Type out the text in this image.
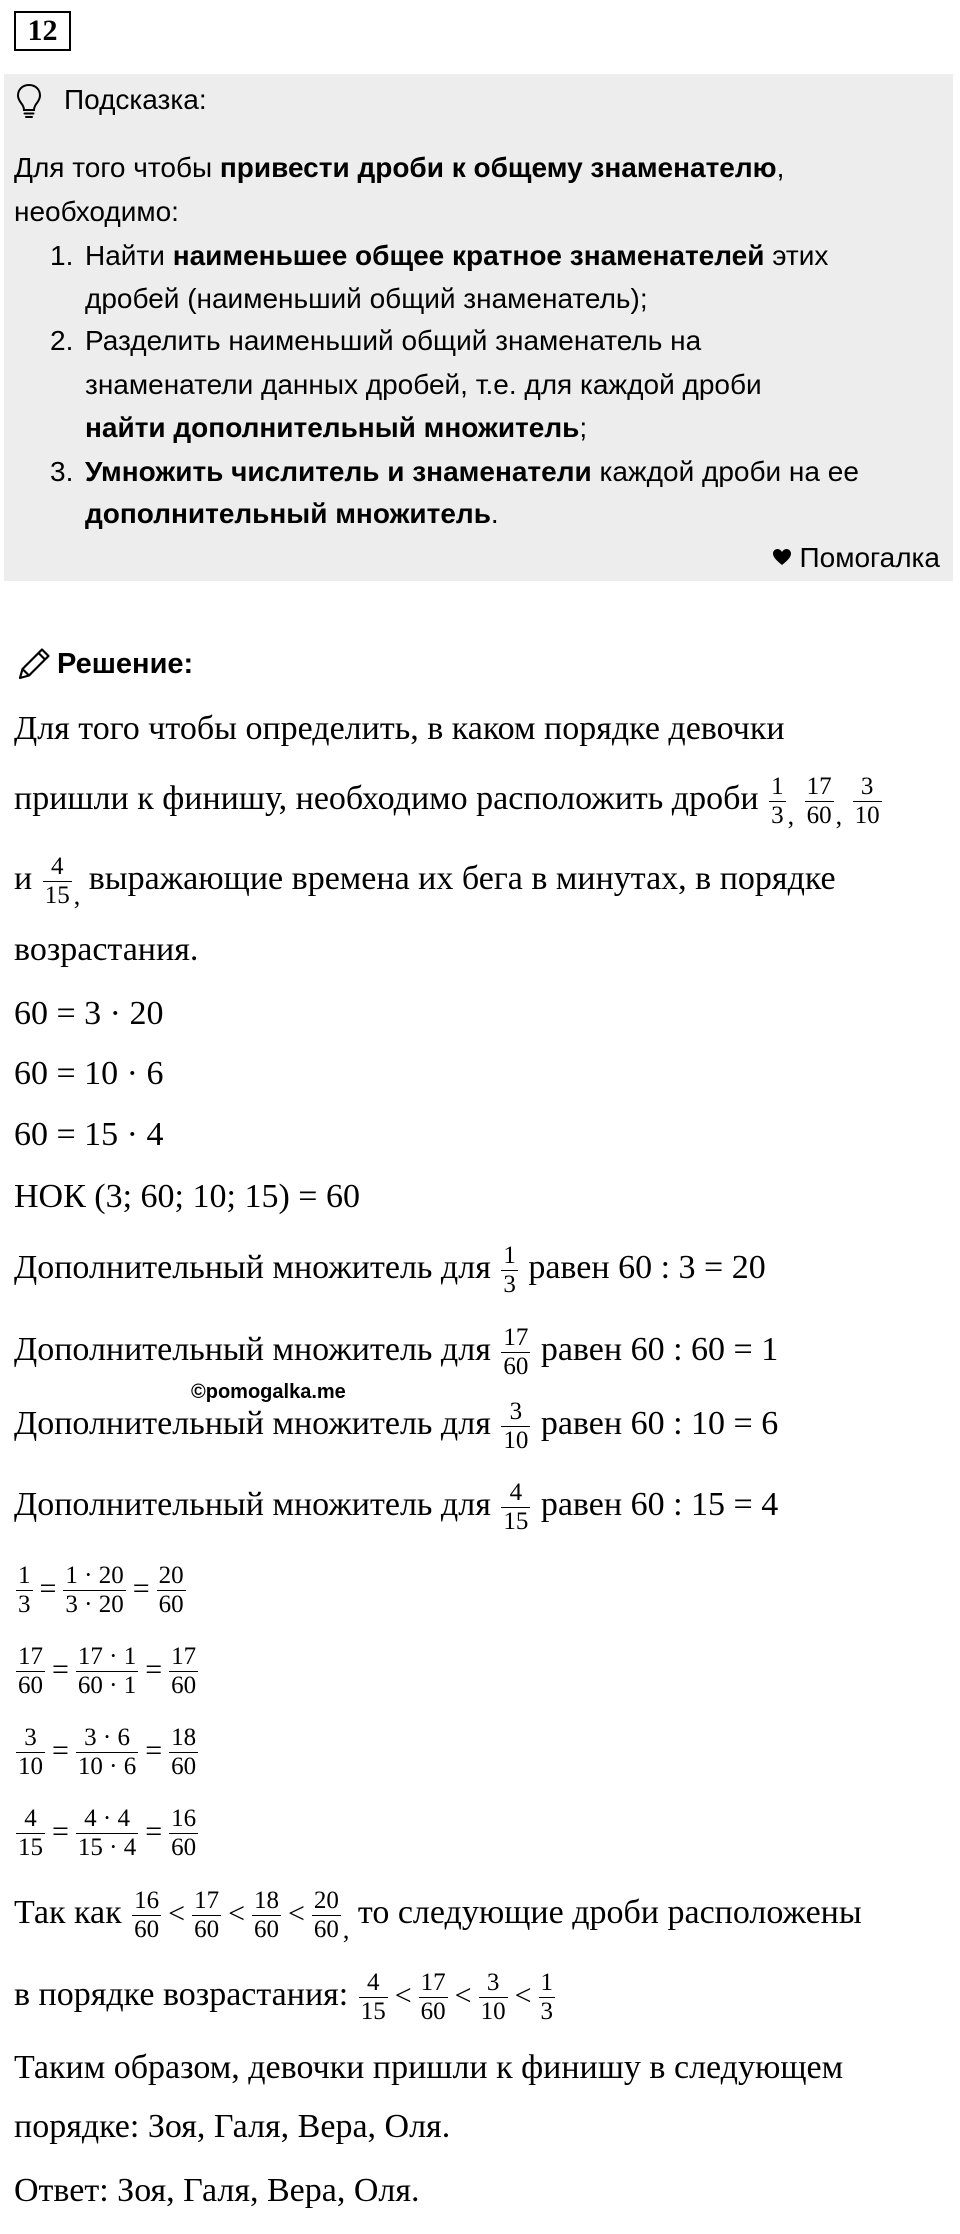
12
Подсказка:
Для того чтобы привести дроби к общему знаменателю,
необходимо:
1. Найти наименьшее общее кратное знаменателей этих
дробей (наименьший общий знаменатель);
2. Разделить наименьший общий знаменатель на
знаменатели данных дробей, т.е. для каждой дроби
найти дополнительный множитель;
3. Умножить числитель и знаменатели каждой дроби на ее
дополнительный множитель.
Помогалка
Решение:
Для того чтобы определить, в каком порядке девочки
пришли к финишу, необходимо расположить дроби $\frac{1}{3} _, \frac{17}{60} _, \frac{3}{10}$
и $\frac{4}{15} _,$ выражающие времена их бега в минутах, в порядке
возрастания.
60 = 3 · 20
60 = 10 · 6
60 = 15 · 4
НОК (3; 60; 10; 15) = 60
Дополнительный множитель для $\frac{1}{3}$ равен 60 : 3 = 20
Дополнительный множитель для $\frac{17}{60}$ равен 60 : 60 = 1
©pomogalka.me
Дополнительный множитель для $\frac{3}{10}$ равен 60 : 10 = 6
Дополнительный множитель для $\frac{4}{15}$ равен 60 : 15 = 4
$\frac{1}{3} = \frac{1 \cdot 20}{3 \cdot 20} = \frac{20}{60}$
$\frac{17}{60} = \frac{17 \cdot 1}{60 \cdot 1} = \frac{17}{60}$
$\frac{3}{10} = \frac{3 \cdot 6}{10 \cdot 6} = \frac{18}{60}$
$\frac{4}{15} = \frac{4 \cdot 4}{15 \cdot 4} = \frac{16}{60}$
Так как $\frac{16}{60} < \frac{17}{60} < \frac{18}{60} < \frac{20}{60} _,$ то следующие дроби расположены
в порядке возрастания: $\frac{4}{15} < \frac{17}{60} < \frac{3}{10} < \frac{1}{3}$
Таким образом, девочки пришли к финишу в следующем
порядке: Зоя, Галя, Вера, Оля.
Ответ: Зоя, Галя, Вера, Оля.
